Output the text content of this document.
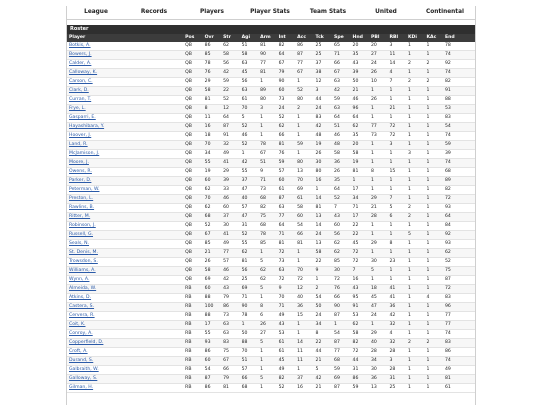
League	Records	Players	Player Stats	Team Stats	United	Continental
Roster
Player	Pos	Ovr	Str	Agi	Arm	Int	Acc	Tck	Spe	Hnd	PBl	RBl	KDi	KAc	End
Botkis, A.	QB	86	62	51	81	82	86	25	65	20	20	3	1	1	78
Bowers, J.	QB	85	58	58	90	64	87	25	71	35	27	11	1	1	74
Calder, A.	QB	78	56	63	77	67	77	37	66	43	24	14	2	2	92
Calloway, K.	QB	76	42	45	81	79	67	38	67	39	26	4	1	1	74
Carson, C.	QB	29	59	56	1	90	1	12	63	50	10	7	2	2	82
Clark, D.	QB	58	22	63	89	60	52	3	42	21	1	1	1	1	91
Curran, T.	QB	81	52	61	80	73	80	44	59	46	26	1	1	1	88
Frye, L.	QB	8	12	70	3	24	2	24	63	96	1	21	1	1	53
Gasparri, E.	QB	11	64	5	1	52	1	83	64	64	1	1	1	1	83
Hayashibara, Y.	QB	16	87	52	1	62	1	42	51	62	77	72	1	1	54
Hoover, J.	QB	18	91	46	1	66	1	48	46	35	73	72	1	1	74
Land, R.	QB	70	32	52	78	81	59	19	48	20	1	3	1	1	59
McJamison, J.	QB	34	49	1	67	76	1	26	58	58	1	1	3	1	39
Moore, J.	QB	55	41	42	51	59	80	30	36	19	1	1	1	1	74
Owens, R.	QB	19	29	55	9	57	13	80	26	81	8	15	1	1	68
Parker, D.	QB	60	39	37	71	60	70	16	35	1	1	1	1	1	89
Peterman, W.	QB	62	33	47	73	61	69	1	64	17	1	1	1	1	82
Preston, L.	QB	70	46	40	68	87	61	14	52	34	29	7	1	1	72
Rawlins, B.	QB	62	60	57	82	63	58	81	7	71	21	5	2	1	93
Ritter, M.	QB	68	37	47	75	77	60	13	43	17	28	6	2	1	64
Robinson, J.	QB	52	30	31	68	64	54	14	60	22	1	1	1	1	84
Russell, G.	QB	67	41	52	78	71	66	24	56	22	1	1	5	1	92
Seals, N.	QB	85	49	55	85	81	81	13	62	45	29	8	1	1	93
St. Denis, M.	QB	21	77	62	1	72	1	58	62	72	1	1	1	1	62
Trowsdon, S.	QB	26	57	81	5	73	1	22	85	72	30	23	1	1	52
Williams, A.	QB	58	46	56	62	63	70	9	30	7	5	1	1	1	75
Wynn, A.	QB	69	42	25	62	72	72	1	72	16	1	1	1	1	87
Almeida, W.	RB	60	43	69	5	9	12	2	76	43	18	41	1	1	72
Atkins, D.	RB	88	79	71	1	70	40	54	66	95	45	41	1	4	83
Castera, S.	RB	100	86	90	8	71	36	50	90	91	47	36	1	1	96
Cervera, R.	RB	88	73	78	6	49	15	24	87	53	24	42	1	1	77
Coit, K.	RB	17	63	1	26	43	1	34	1	62	1	32	1	1	77
Conroy, A.	RB	55	63	50	27	53	1	8	54	58	29	4	1	1	74
Copperfield, D.	RB	93	83	88	5	61	14	22	87	82	40	32	2	2	83
Croft, A.	RB	86	75	70	1	61	11	44	77	72	28	28	1	1	86
Durand, S.	RB	60	67	51	1	45	11	21	68	44	34	3	1	1	74
Galbraith, W.	RB	54	66	57	1	49	1	5	59	31	30	28	1	1	49
Galloway, S.	RB	87	79	66	5	82	37	42	69	86	36	31	1	1	81
Gilman, H.	RB	86	81	68	1	52	16	21	87	59	13	25	1	1	61
